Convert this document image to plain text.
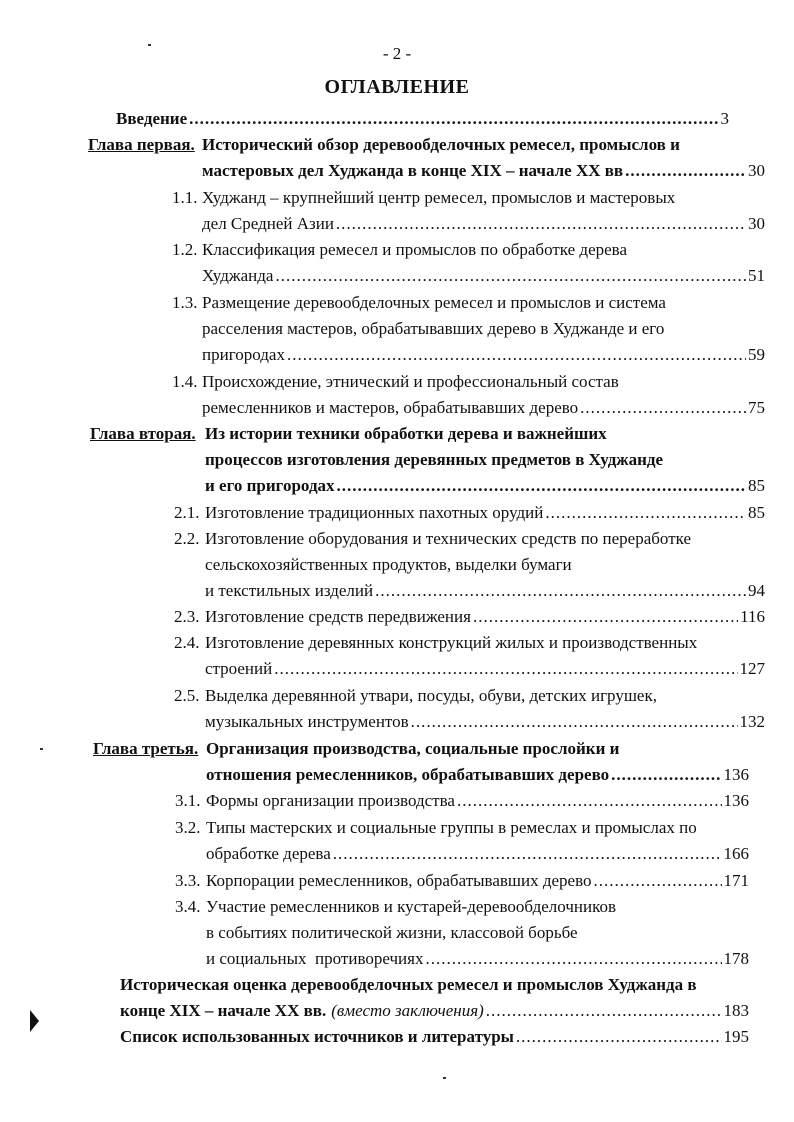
- 2 -
ОГЛАВЛЕНИЕ
Введение .....	3
Глава первая. Исторический обзор деревообделочных ремесел, промыслов и
мастеровых дел Худжанда в конце XIX – начале XX вв .....	30
1.1. Худжанд – крупнейший центр ремесел, промыслов и мастеровых
дел Средней Азии .....	30
1.2. Классификация ремесел и промыслов по обработке дерева
Худжанда .....	51
1.3. Размещение деревообделочных ремесел и промыслов и система
расселения мастеров, обрабатывавших дерево в Худжанде и его
пригородах .....	59
1.4. Происхождение, этнический и профессиональный состав
ремесленников и мастеров, обрабатывавших дерево .....	75
Глава вторая. Из истории техники обработки дерева и важнейших
процессов изготовления деревянных предметов в Худжанде
и его пригородах .....	85
2.1. Изготовление традиционных пахотных орудий .....	85
2.2. Изготовление оборудования и технических средств по переработке
сельскохозяйственных продуктов, выделки бумаги
и текстильных изделий .....	94
2.3. Изготовление средств передвижения .....	116
2.4. Изготовление деревянных конструкций жилых и производственных
строений .....	127
2.5. Выделка деревянной утвари, посуды, обуви, детских игрушек,
музыкальных инструментов .....	132
Глава третья. Организация производства, социальные прослойки и
отношения ремесленников, обрабатывавших дерево .....	136
3.1. Формы организации производства .....	136
3.2. Типы мастерских и социальные группы в ремеслах и промыслах по
обработке дерева .....	166
3.3. Корпорации ремесленников, обрабатывавших дерево .....	171
3.4. Участие ремесленников и кустарей-деревообделочников
в событиях политической жизни, классовой борьбе
и социальных  противоречиях .....	178
Историческая оценка деревообделочных ремесел и промыслов Худжанда в
конце XIX – начале XX вв. (вместо заключения) .....	183
Список использованных источников и литературы .....	195
